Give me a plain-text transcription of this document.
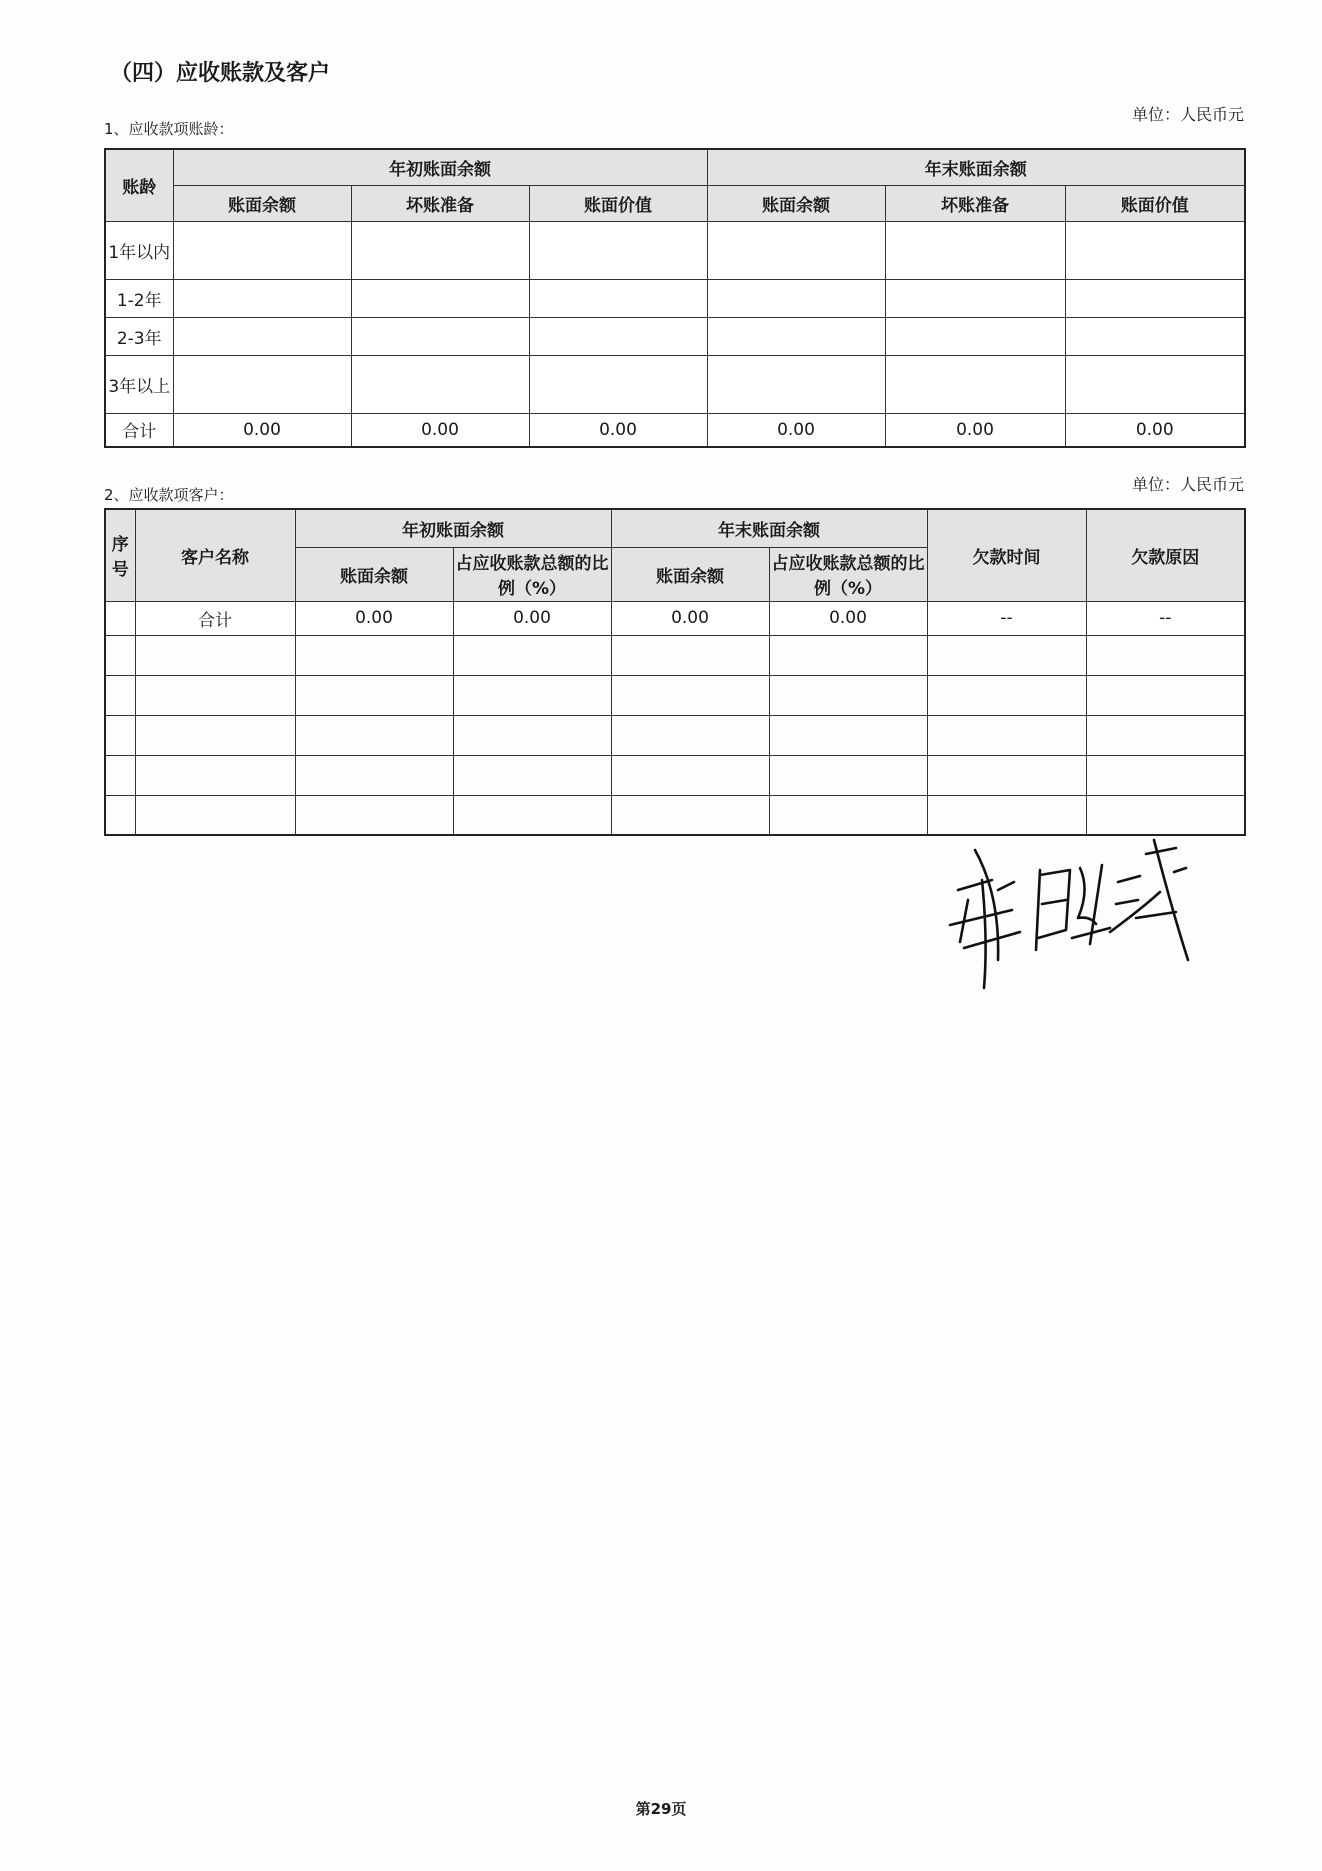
（四）应收账款及客户
1、应收款项账龄：
单位：人民币元
账龄	年初账面余额			年末账面余额		
	账面余额	坏账准备	账面价值	账面余额	坏账准备	账面价值
1年以内						
1-2年						
2-3年						
3年以上						
合计	0.00	0.00	0.00	0.00	0.00	0.00
2、应收款项客户：
单位：人民币元
序号	客户名称	年初账面余额		年末账面余额		欠款时间	欠款原因
		账面余额	占应收账款总额的比例（%）	账面余额	占应收账款总额的比例（%）		
	合计	0.00	0.00	0.00	0.00	--	--

第29页
